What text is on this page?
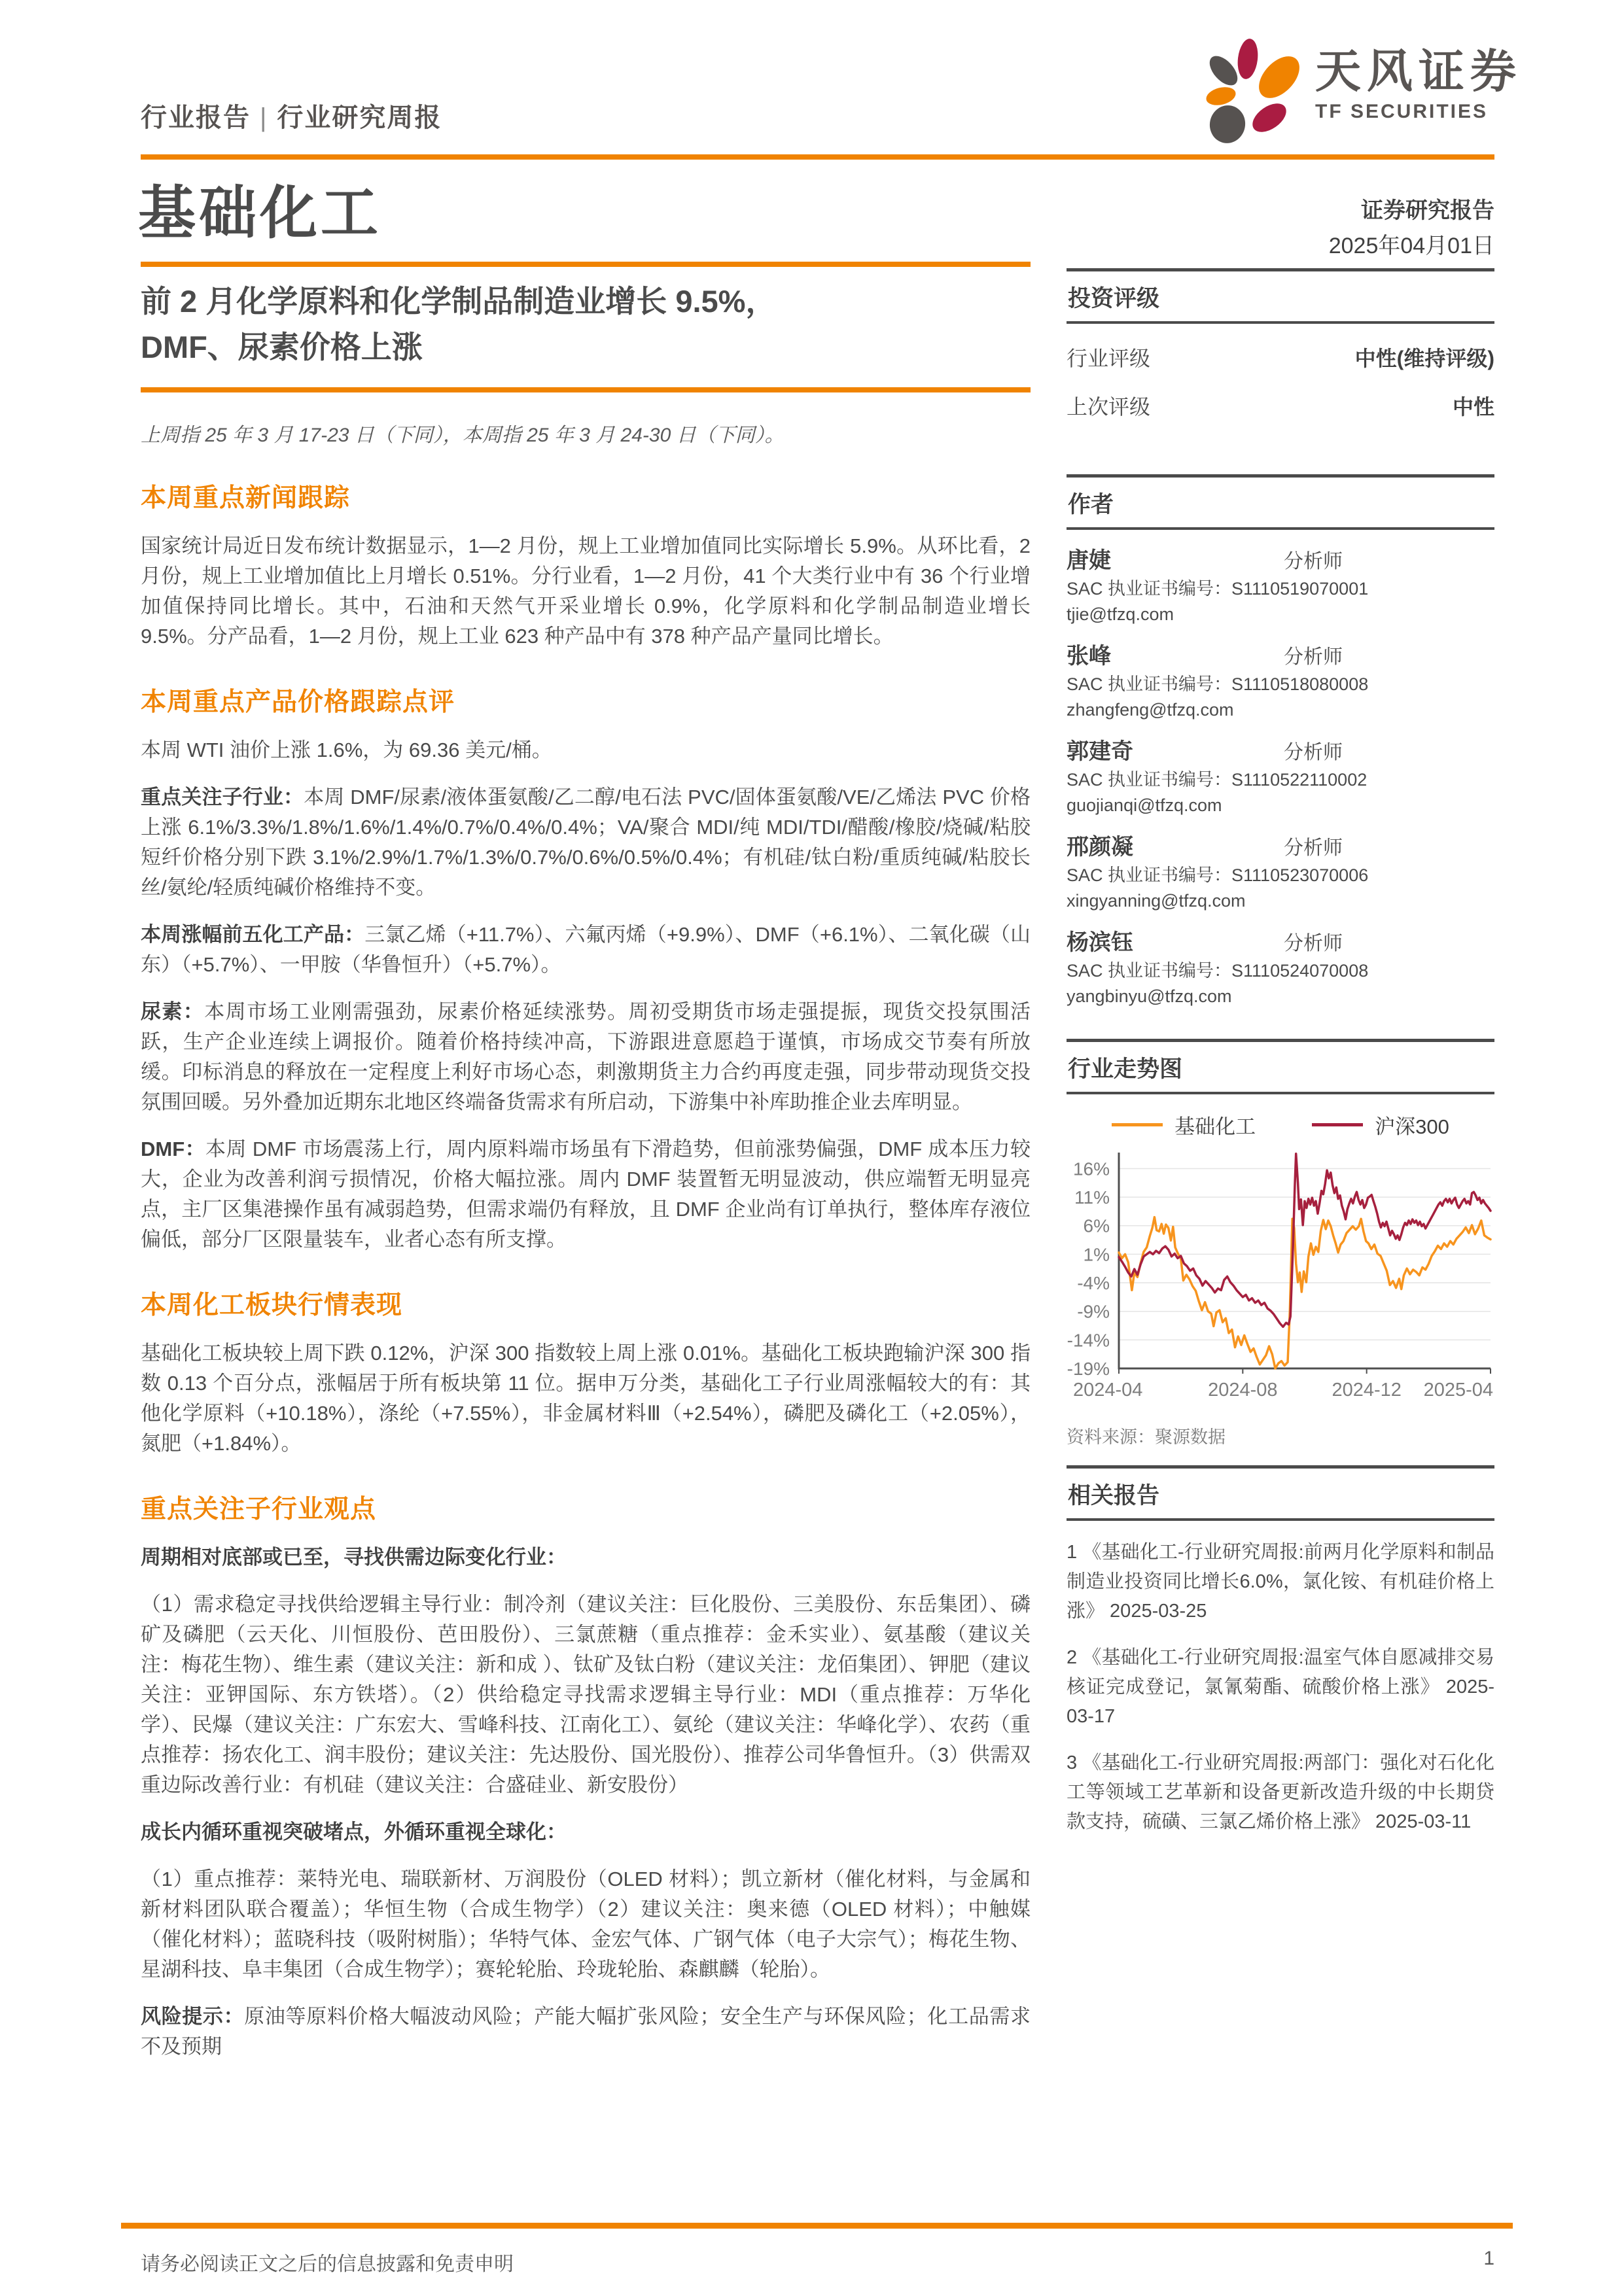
行业报告 | 行业研究周报
天风证券
TF SECURITIES
基础化工	证券研究报告
2025年04月01日
前 2 月化学原料和化学制品制造业增长 9.5%，
DMF、尿素价格上涨
上周指 25 年 3 月 17-23 日（下同），本周指 25 年 3 月 24-30 日（下同）。
本周重点新闻跟踪

国家统计局近日发布统计数据显示，1—2 月份，规上工业增加值同比实际增长 5.9%。从环比看，2 月份，规上工业增加值比上月增长 0.51%。分行业看，1—2 月份，41 个大类行业中有 36 个行业增加值保持同比增长。其中，石油和天然气开采业增长 0.9%，化学原料和化学制品制造业增长 9.5%。分产品看，1—2 月份，规上工业 623 种产品中有 378 种产品产量同比增长。

本周重点产品价格跟踪点评

本周 WTI 油价上涨 1.6%，为 69.36 美元/桶。

重点关注子行业：本周 DMF/尿素/液体蛋氨酸/乙二醇/电石法 PVC/固体蛋氨酸/VE/乙烯法 PVC 价格上涨 6.1%/3.3%/1.8%/1.6%/1.4%/0.7%/0.4%/0.4%；VA/聚合 MDI/纯 MDI/TDI/醋酸/橡胶/烧碱/粘胶短纤价格分别下跌 3.1%/2.9%/1.7%/1.3%/0.7%/0.6%/0.5%/0.4%；有机硅/钛白粉/重质纯碱/粘胶长丝/氨纶/轻质纯碱价格维持不变。

本周涨幅前五化工产品：三氯乙烯（+11.7%）、六氟丙烯（+9.9%）、DMF（+6.1%）、二氧化碳（山东）（+5.7%）、一甲胺（华鲁恒升）（+5.7%）。

尿素：本周市场工业刚需强劲，尿素价格延续涨势。周初受期货市场走强提振，现货交投氛围活跃，生产企业连续上调报价。随着价格持续冲高，下游跟进意愿趋于谨慎，市场成交节奏有所放缓。印标消息的释放在一定程度上利好市场心态，刺激期货主力合约再度走强，同步带动现货交投氛围回暖。另外叠加近期东北地区终端备货需求有所启动，下游集中补库助推企业去库明显。

DMF：本周 DMF 市场震荡上行，周内原料端市场虽有下滑趋势，但前涨势偏强，DMF 成本压力较大，企业为改善利润亏损情况，价格大幅拉涨。周内 DMF 装置暂无明显波动，供应端暂无明显亮点，主厂区集港操作虽有减弱趋势，但需求端仍有释放，且 DMF 企业尚有订单执行，整体库存液位偏低，部分厂区限量装车，业者心态有所支撑。

本周化工板块行情表现

基础化工板块较上周下跌 0.12%，沪深 300 指数较上周上涨 0.01%。基础化工板块跑输沪深 300 指数 0.13 个百分点，涨幅居于所有板块第 11 位。据申万分类，基础化工子行业周涨幅较大的有：其他化学原料（+10.18%），涤纶（+7.55%），非金属材料Ⅲ（+2.54%），磷肥及磷化工（+2.05%），氮肥（+1.84%）。

重点关注子行业观点

周期相对底部或已至，寻找供需边际变化行业：

（1）需求稳定寻找供给逻辑主导行业：制冷剂（建议关注：巨化股份、三美股份、东岳集团）、磷矿及磷肥（云天化、川恒股份、芭田股份）、三氯蔗糖（重点推荐：金禾实业）、氨基酸（建议关注：梅花生物）、维生素（建议关注：新和成 ）、钛矿及钛白粉（建议关注：龙佰集团）、钾肥（建议关注：亚钾国际、东方铁塔）。（2）供给稳定寻找需求逻辑主导行业：MDI（重点推荐：万华化学）、民爆（建议关注：广东宏大、雪峰科技、江南化工）、氨纶（建议关注：华峰化学）、农药（重点推荐：扬农化工、润丰股份；建议关注：先达股份、国光股份）、推荐公司华鲁恒升。（3）供需双重边际改善行业：有机硅（建议关注：合盛硅业、新安股份）

成长内循环重视突破堵点，外循环重视全球化：

（1）重点推荐：莱特光电、瑞联新材、万润股份（OLED 材料）；凯立新材（催化材料，与金属和新材料团队联合覆盖）；华恒生物（合成生物学）（2）建议关注：奥来德（OLED 材料）；中触媒（催化材料）；蓝晓科技（吸附树脂）；华特气体、金宏气体、广钢气体（电子大宗气）；梅花生物、星湖科技、阜丰集团（合成生物学）；赛轮轮胎、玲珑轮胎、森麒麟（轮胎）。

风险提示：原油等原料价格大幅波动风险；产能大幅扩张风险；安全生产与环保风险；化工品需求不及预期

投资评级
行业评级	中性(维持评级)
上次评级	中性
作者
唐婕	分析师
SAC 执业证书编号：S1110519070001
tjie@tfzq.com
张峰	分析师
SAC 执业证书编号：S1110518080008
zhangfeng@tfzq.com
郭建奇	分析师
SAC 执业证书编号：S1110522110002
guojianqi@tfzq.com
邢颜凝	分析师
SAC 执业证书编号：S1110523070006
xingyanning@tfzq.com
杨滨钰	分析师
SAC 执业证书编号：S1110524070008
yangbinyu@tfzq.com
行业走势图
基础化工	沪深300
16%
11%
6%
1%
-4%
-9%
-14%
-19%
2024-04	2024-08	2024-12 2025-04
资料来源：聚源数据
相关报告
1 《基础化工-行业研究周报:前两月化学原料和制品制造业投资同比增长6.0%，氯化铵、有机硅价格上涨》 2025-03-25
2 《基础化工-行业研究周报:温室气体自愿减排交易核证完成登记，氯氰菊酯、硫酸价格上涨》 2025-03-17
3 《基础化工-行业研究周报:两部门：强化对石化化工等领域工艺革新和设备更新改造升级的中长期贷款支持，硫磺、三氯乙烯价格上涨》 2025-03-11
请务必阅读正文之后的信息披露和免责申明	1
